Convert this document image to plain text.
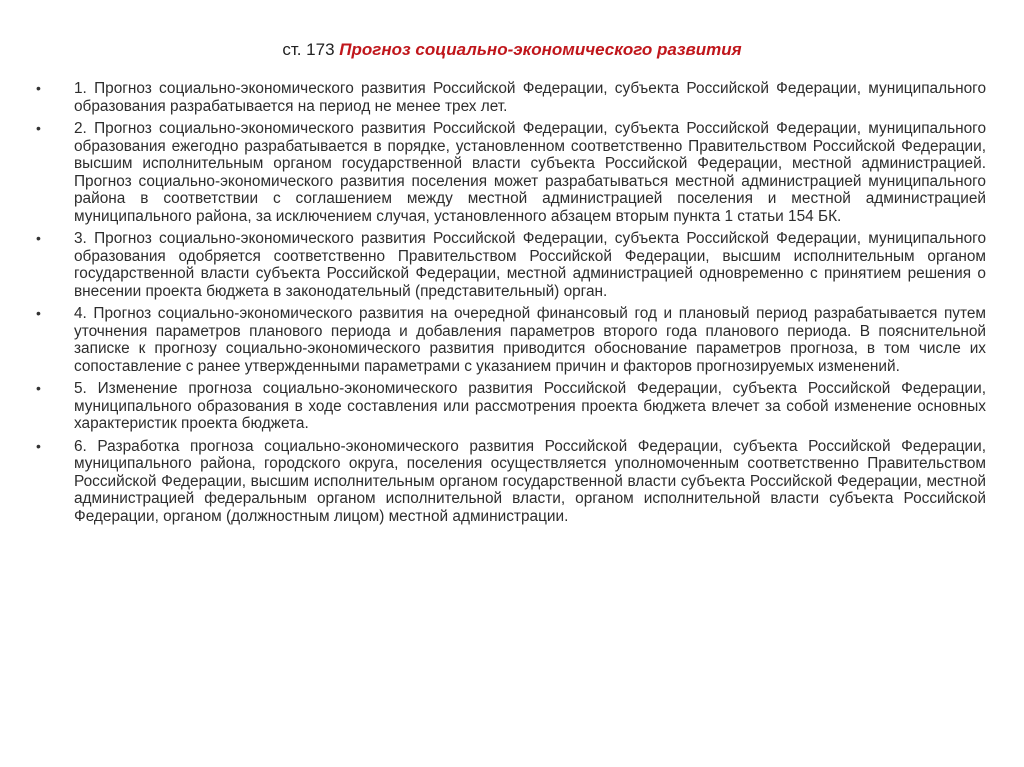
ст. 173 Прогноз социально-экономического развития
• 1. Прогноз социально-экономического развития Российской Федерации, субъекта Российской Федерации, муниципального образования разрабатывается на период не менее трех лет.
• 2. Прогноз социально-экономического развития Российской Федерации, субъекта Российской Федерации, муниципального образования ежегодно разрабатывается в порядке, установленном соответственно Правительством Российской Федерации, высшим исполнительным органом государственной власти субъекта Российской Федерации, местной администрацией. Прогноз социально-экономического развития поселения может разрабатываться местной администрацией муниципального района в соответствии с соглашением между местной администрацией поселения и местной администрацией муниципального района, за исключением случая, установленного абзацем вторым пункта 1 статьи 154 БК.
• 3. Прогноз социально-экономического развития Российской Федерации, субъекта Российской Федерации, муниципального образования одобряется соответственно Правительством Российской Федерации, высшим исполнительным органом государственной власти субъекта Российской Федерации, местной администрацией одновременно с принятием решения о внесении проекта бюджета в законодательный (представительный) орган.
• 4. Прогноз социально-экономического развития на очередной финансовый год и плановый период разрабатывается путем уточнения параметров планового периода и добавления параметров второго года планового периода. В пояснительной записке к прогнозу социально-экономического развития приводится обоснование параметров прогноза, в том числе их сопоставление с ранее утвержденными параметрами с указанием причин и факторов прогнозируемых изменений.
• 5. Изменение прогноза социально-экономического развития Российской Федерации, субъекта Российской Федерации, муниципального образования в ходе составления или рассмотрения проекта бюджета влечет за собой изменение основных характеристик проекта бюджета.
• 6. Разработка прогноза социально-экономического развития Российской Федерации, субъекта Российской Федерации, муниципального района, городского округа, поселения осуществляется уполномоченным соответственно Правительством Российской Федерации, высшим исполнительным органом государственной власти субъекта Российской Федерации, местной администрацией федеральным органом исполнительной власти, органом исполнительной власти субъекта Российской Федерации, органом (должностным лицом) местной администрации.
